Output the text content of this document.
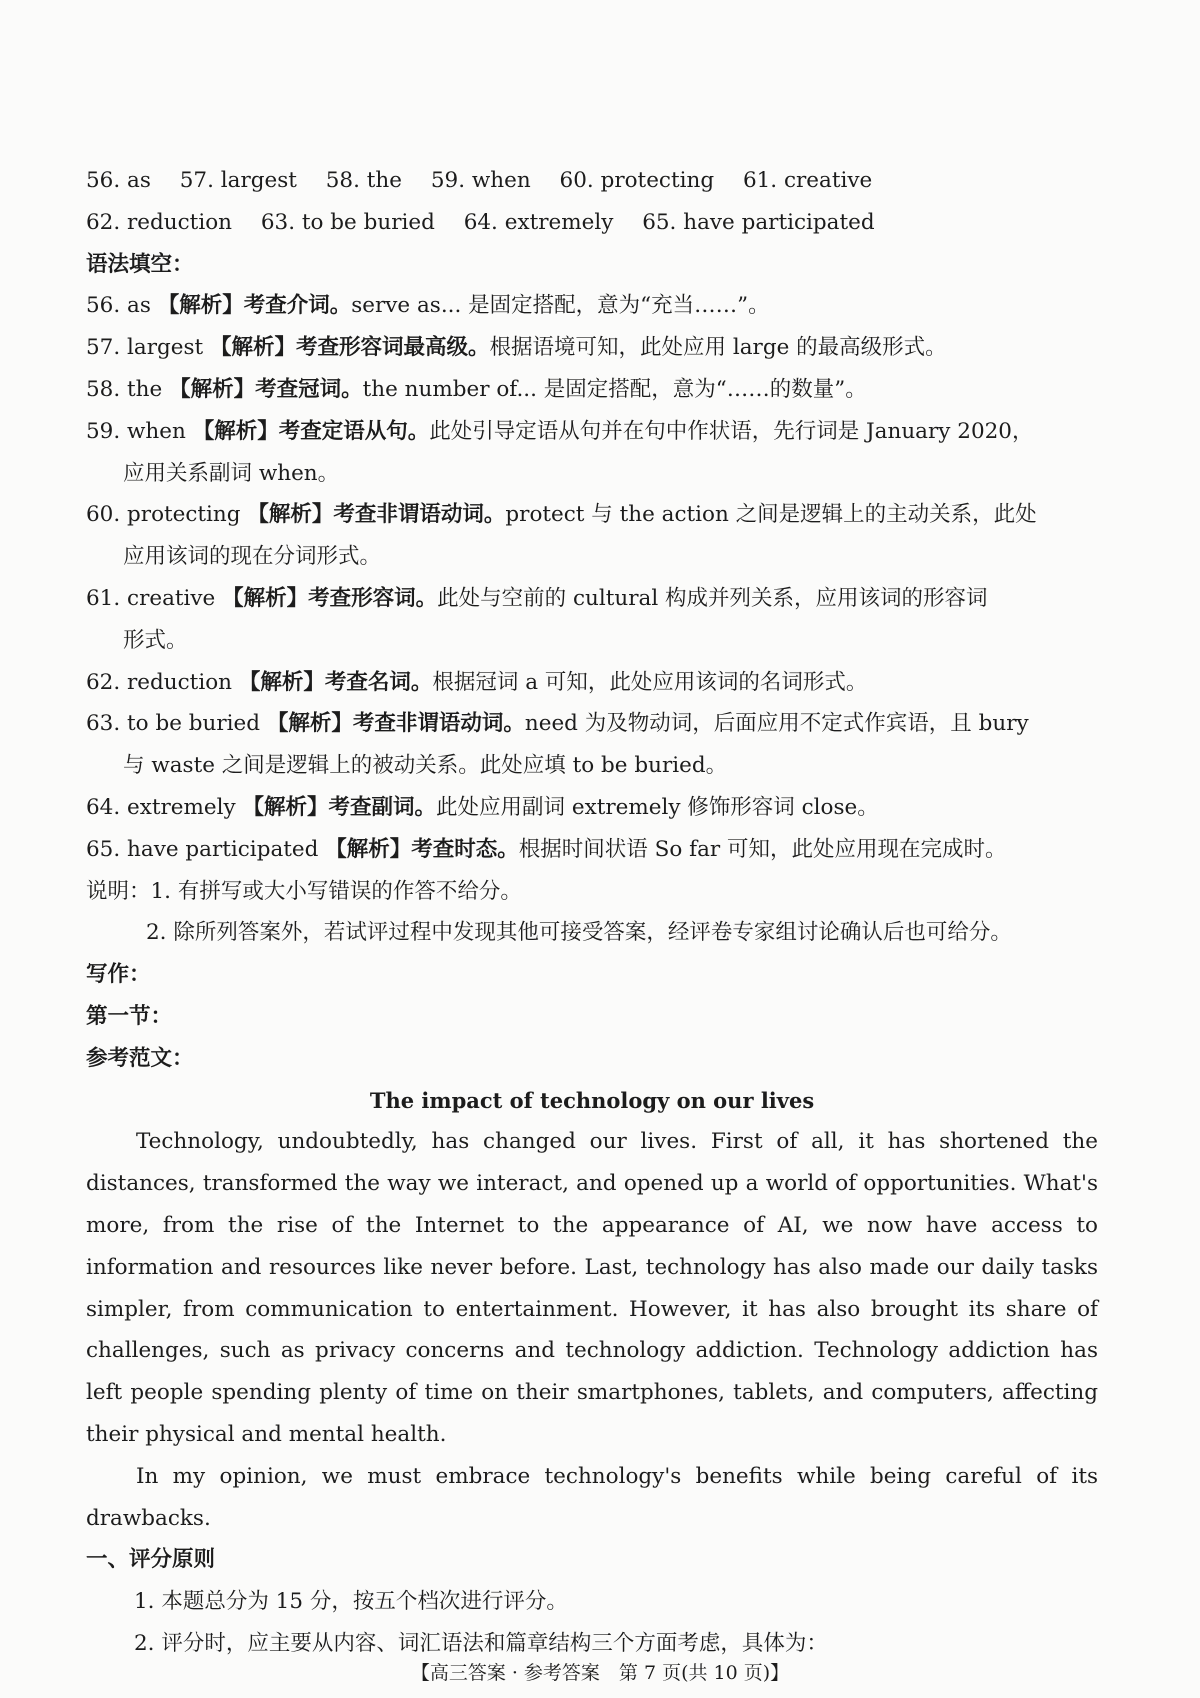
56. as 57. largest 58. the 59. when 60. protecting 61. creative
62. reduction 63. to be buried 64. extremely 65. have participated
语法填空：
56. as 【解析】考查介词。serve as... 是固定搭配，意为“充当……”。
57. largest 【解析】考查形容词最高级。根据语境可知，此处应用 large 的最高级形式。
58. the 【解析】考查冠词。the number of... 是固定搭配，意为“……的数量”。
59. when 【解析】考查定语从句。此处引导定语从句并在句中作状语，先行词是 January 2020，
应用关系副词 when。
60. protecting 【解析】考查非谓语动词。protect 与 the action 之间是逻辑上的主动关系，此处
应用该词的现在分词形式。
61. creative 【解析】考查形容词。此处与空前的 cultural 构成并列关系，应用该词的形容词
形式。
62. reduction 【解析】考查名词。根据冠词 a 可知，此处应用该词的名词形式。
63. to be buried 【解析】考查非谓语动词。need 为及物动词，后面应用不定式作宾语，且 bury
与 waste 之间是逻辑上的被动关系。此处应填 to be buried。
64. extremely 【解析】考查副词。此处应用副词 extremely 修饰形容词 close。
65. have participated 【解析】考查时态。根据时间状语 So far 可知，此处应用现在完成时。
说明：1. 有拼写或大小写错误的作答不给分。
2. 除所列答案外，若试评过程中发现其他可接受答案，经评卷专家组讨论确认后也可给分。
写作：
第一节：
参考范文：
The impact of technology on our lives
Technology, undoubtedly, has changed our lives. First of all, it has shortened the distances, transformed the way we interact, and opened up a world of opportunities. What's more, from the rise of the Internet to the appearance of AI, we now have access to information and resources like never before. Last, technology has also made our daily tasks simpler, from communication to entertainment. However, it has also brought its share of challenges, such as privacy concerns and technology addiction. Technology addiction has left people spending plenty of time on their smartphones, tablets, and computers, affecting their physical and mental health.
In my opinion, we must embrace technology's benefits while being careful of its drawbacks.
一、评分原则
1. 本题总分为 15 分，按五个档次进行评分。
2. 评分时，应主要从内容、词汇语法和篇章结构三个方面考虑，具体为：
【高三答案 · 参考答案　第 7 页(共 10 页)】
